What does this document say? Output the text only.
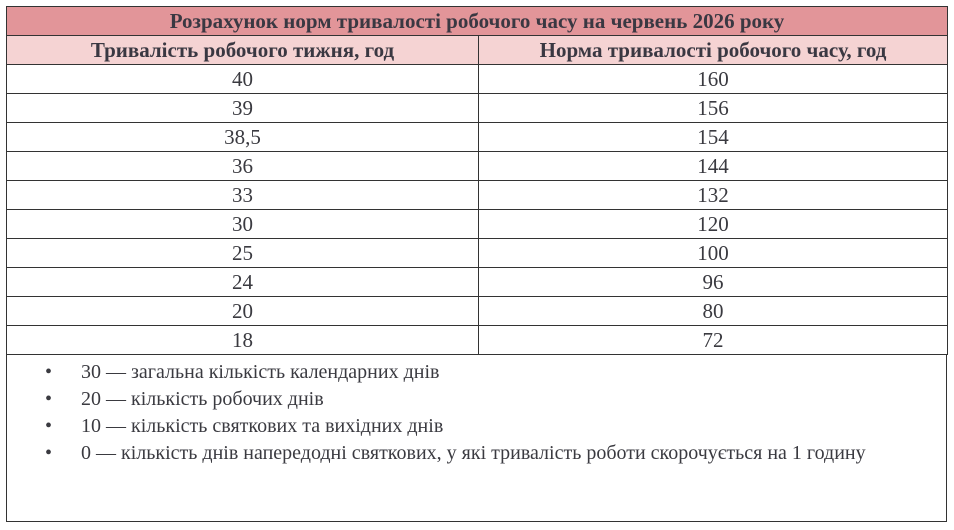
Розрахунок норм тривалості робочого часу на червень 2026 року	
Тривалість робочого тижня, год	Норма тривалості робочого часу, год
40	160
39	156
38,5	154
36	144
33	132
30	120
25	100
24	96
20	80
18	72
• 30 — загальна кількість календарних днів
• 20 — кількість робочих днів
• 10 — кількість святкових та вихідних днів
• 0 — кількість днів напередодні святкових, у які тривалість роботи скорочується на 1 годину
